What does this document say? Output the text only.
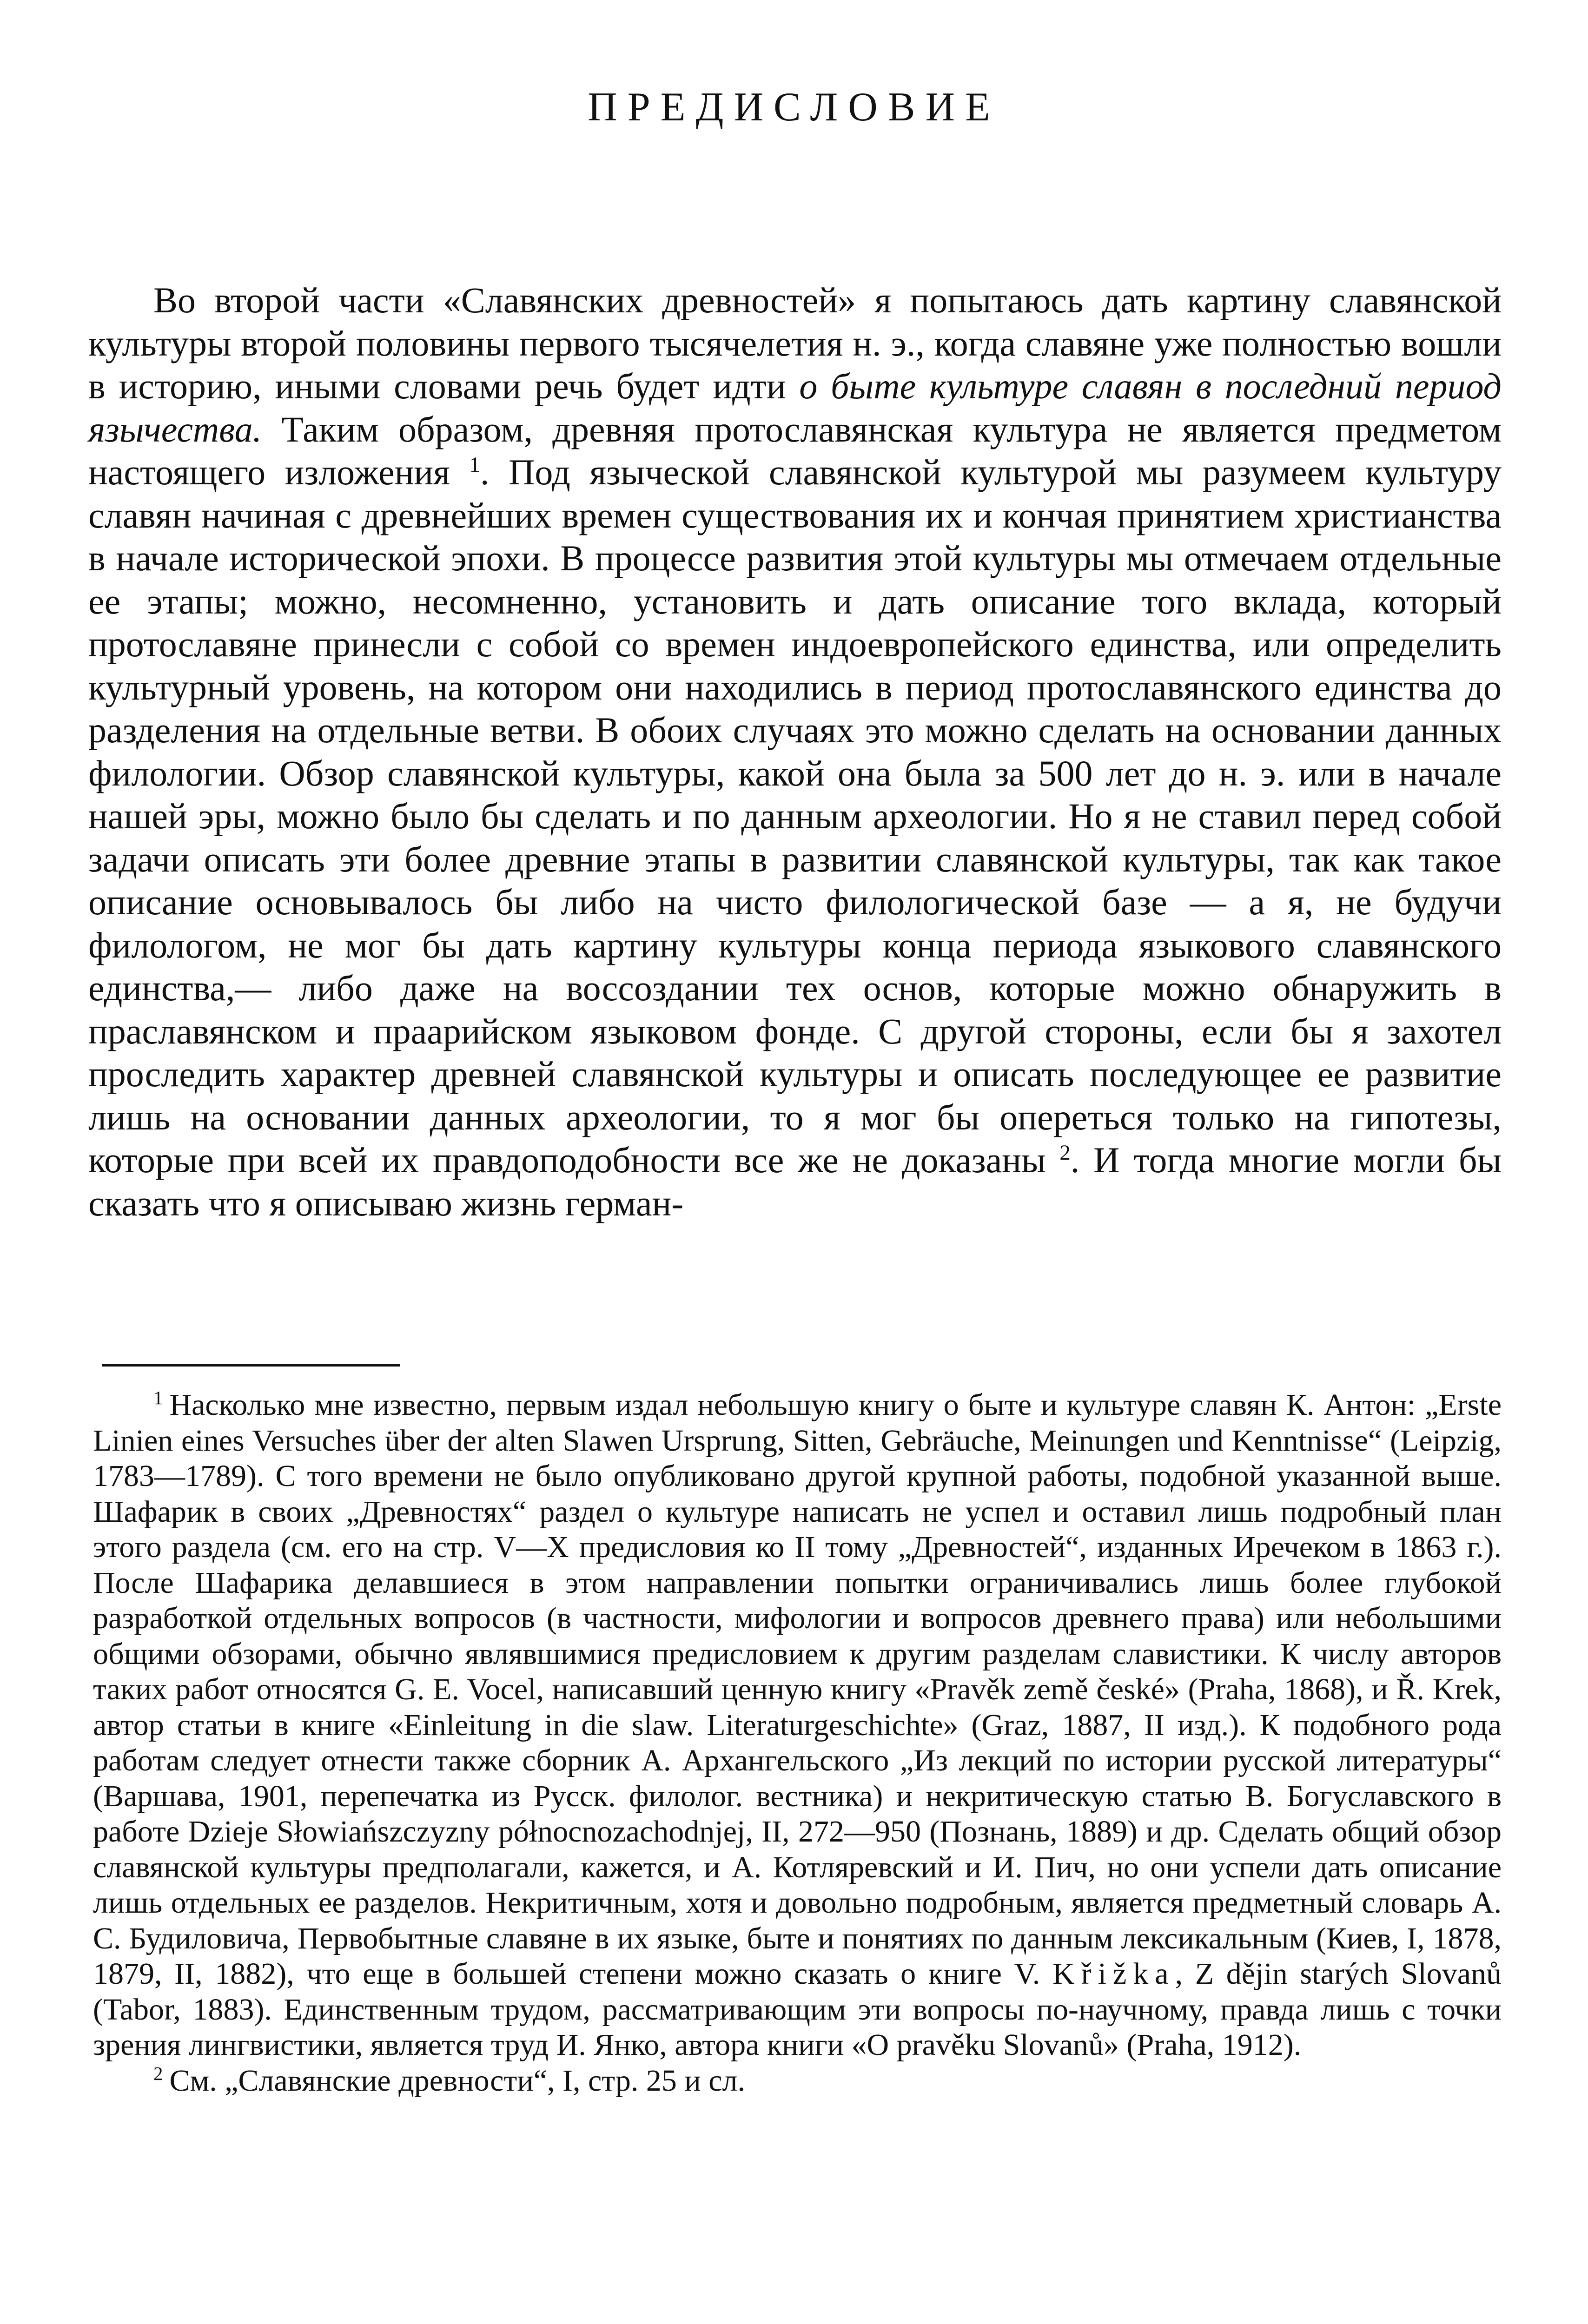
ПРЕДИСЛОВИЕ

Во второй части «Славянских древностей» я попытаюсь дать картину славянской культуры второй половины первого тысячелетия н. э., когда славяне уже полностью вошли в историю, иными словами речь будет идти о быте культуре славян в последний период язычества. Таким образом, древняя протославянская культура не является предметом настоящего изложения $^1$. Под языческой славянской культурой мы разумеем культуру славян начиная с древнейших времен существования их и кончая принятием христианства в начале исторической эпохи. В процессе развития этой культуры мы отмечаем отдельные ее этапы; можно, несомненно, установить и дать описание того вклада, который протославяне принесли с собой со времен индоевропейского единства, или определить культурный уровень, на котором они находились в период протославянского единства до разделения на отдельные ветви. В обоих случаях это можно сделать на основании данных филологии. Обзор славянской культуры, какой она была за 500 лет до н. э. или в начале нашей эры, можно было бы сделать и по данным археологии. Но я не ставил перед собой задачи описать эти более древние этапы в развитии славянской культуры, так как такое описание основывалось бы либо на чисто филологической базе — а я, не будучи филологом, не мог бы дать картину культуры конца периода языкового славянского единства,— либо даже на воссоздании тех основ, которые можно обнаружить в праславянском и праарийском языковом фонде. С другой стороны, если бы я захотел проследить характер древней славянской культуры и описать последующее ее развитие лишь на основании данных археологии, то я мог бы опереться только на гипотезы, которые при всей их правдоподобности все же не доказаны $^2$. И тогда многие могли бы сказать что я описываю жизнь герман-

$^1$ Насколько мне известно, первым издал небольшую книгу о быте и культуре славян К. Антон: „Erste Linien eines Versuches über der alten Slawen Ursprung, Sitten, Gebräuche, Meinungen und Kenntnisse“ (Leipzig, 1783—1789). С того времени не было опубликовано другой крупной работы, подобной указанной выше. Шафарик в своих „Древностях“ раздел о культуре написать не успел и оставил лишь подробный план этого раздела (см. его на стр. V—X предисловия ко II тому „Древностей“, изданных Иречеком в 1863 г.). После Шафарика делавшиеся в этом направлении попытки ограничивались лишь более глубокой разработкой отдельных вопросов (в частности, мифологии и вопросов древнего права) или небольшими общими обзорами, обычно являвшимися предисловием к другим разделам славистики. К числу авторов таких работ относятся G. E. Vocel, написавший ценную книгу «Pravěk země české» (Praha, 1868), и Ř. Krek, автор статьи в книге «Einleitung in die slaw. Literaturgeschichte» (Graz, 1887, II изд.). К подобного рода работам следует отнести также сборник А. Архангельского „Из лекций по истории русской литературы“ (Варшава, 1901, перепечатка из Русск. филолог. вестника) и некритическую статью В. Богуславского в работе Dzieje Słowiańszczyzny północnozachodnjej, II, 272—950 (Познань, 1889) и др. Сделать общий обзор славянской культуры предполагали, кажется, и А. Котляревский и И. Пич, но они успели дать описание лишь отдельных ее разделов. Некритичным, хотя и довольно подробным, является предметный словарь А. С. Будиловича, Первобытные славяне в их языке, быте и понятиях по данным лексикальным (Киев, I, 1878, 1879, II, 1882), что еще в большей степени можно сказать о книге V. Křižka, Z dějin starých Slovanů (Tabor, 1883). Единственным трудом, рассматривающим эти вопросы по-научному, правда лишь с точки зрения лингвистики, является труд И. Янко, автора книги «O pravěku Slovanů» (Praha, 1912).

$^2$ См. „Славянские древности“, I, стр. 25 и сл.
